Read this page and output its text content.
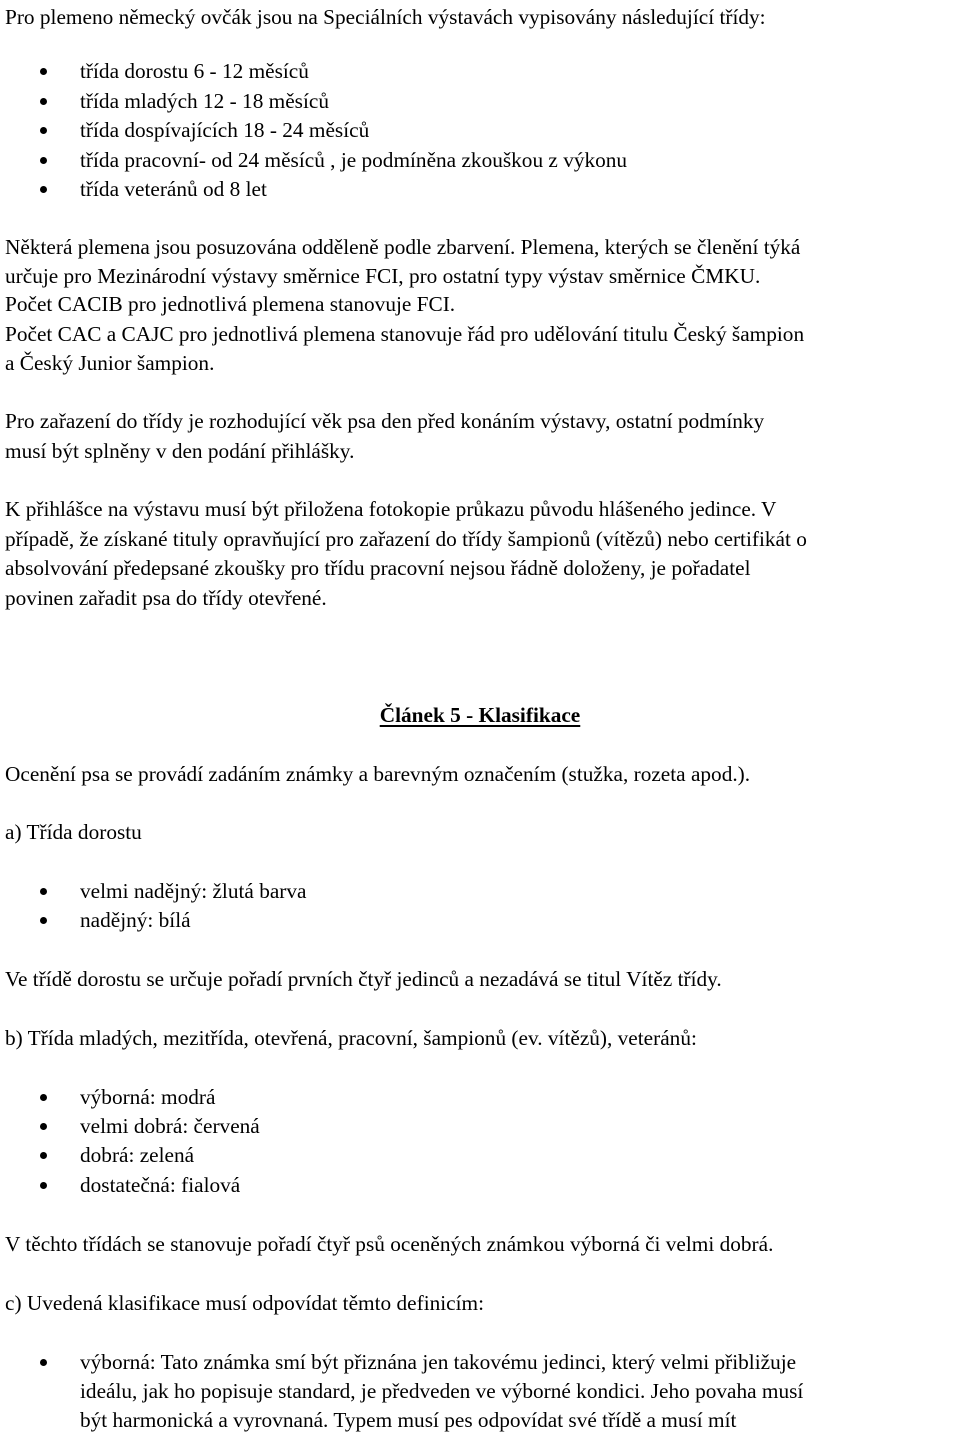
Pro plemeno německý ovčák jsou na Speciálních výstavách vypisovány následující třídy:
třída dorostu 6 - 12 měsíců
třída mladých 12 - 18 měsíců
třída dospívajících 18 - 24 měsíců
třída pracovní- od 24 měsíců , je podmíněna zkouškou z výkonu
třída veteránů od 8 let
Některá plemena jsou posuzována odděleně podle zbarvení. Plemena, kterých se členění týká
určuje pro Mezinárodní výstavy směrnice FCI, pro ostatní typy výstav směrnice ČMKU.
Počet CACIB pro jednotlivá plemena stanovuje FCI.
Počet CAC a CAJC pro jednotlivá plemena stanovuje řád pro udělování titulu Český šampion
a Český Junior šampion.
Pro zařazení do třídy je rozhodující věk psa den před konáním výstavy, ostatní podmínky
musí být splněny v den podání přihlášky.
K přihlášce na výstavu musí být přiložena fotokopie průkazu původu hlášeného jedince. V
případě, že získané tituly opravňující pro zařazení do třídy šampionů (vítězů) nebo certifikát o
absolvování předepsané zkoušky pro třídu pracovní nejsou řádně doloženy, je pořadatel
povinen zařadit psa do třídy otevřené.
Článek 5 - Klasifikace
Ocenění psa se provádí zadáním známky a barevným označením (stužka, rozeta apod.).
a) Třída dorostu
velmi nadějný: žlutá barva
nadějný: bílá
Ve třídě dorostu se určuje pořadí prvních čtyř jedinců a nezadává se titul Vítěz třídy.
b) Třída mladých, mezitřída, otevřená, pracovní, šampionů (ev. vítězů), veteránů:
výborná: modrá
velmi dobrá: červená
dobrá: zelená
dostatečná: fialová
V těchto třídách se stanovuje pořadí čtyř psů oceněných známkou výborná či velmi dobrá.
c) Uvedená klasifikace musí odpovídat těmto definicím:
výborná: Tato známka smí být přiznána jen takovému jedinci, který velmi přibližuje
ideálu, jak ho popisuje standard, je předveden ve výborné kondici. Jeho povaha musí
být harmonická a vyrovnaná. Typem musí pes odpovídat své třídě a musí mít
